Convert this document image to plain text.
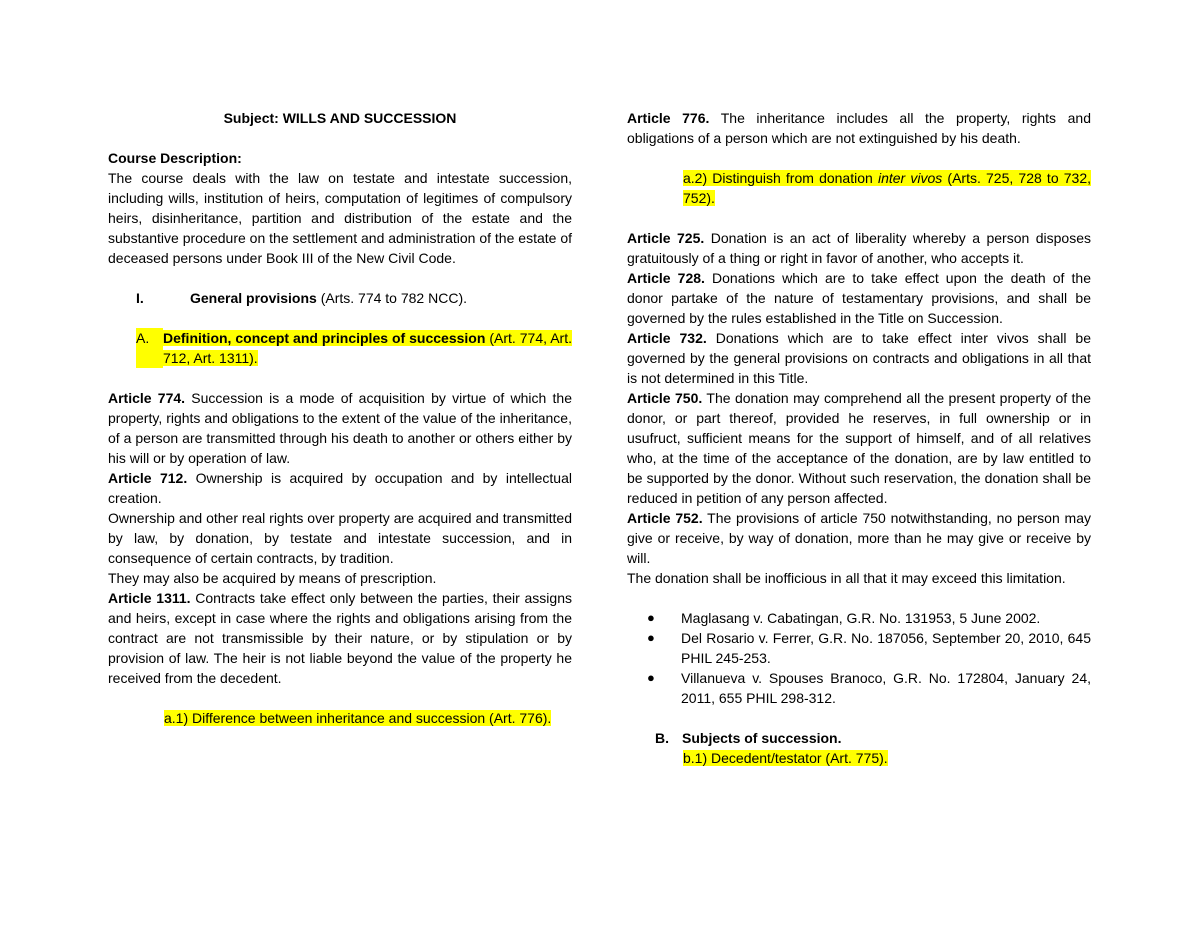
Subject: WILLS AND SUCCESSION

Course Description:

The course deals with the law on testate and intestate succession, including wills, institution of heirs, computation of legitimes of compulsory heirs, disinheritance, partition and distribution of the estate and the substantive procedure on the settlement and administration of the estate of deceased persons under Book III of the New Civil Code.

I.	General provisions (Arts. 774 to 782 NCC).
A. Definition, concept and principles of succession (Art. 774, Art. 712, Art. 1311).

Article 774. Succession is a mode of acquisition by virtue of which the property, rights and obligations to the extent of the value of the inheritance, of a person are transmitted through his death to another or others either by his will or by operation of law.

Article 712. Ownership is acquired by occupation and by intellectual creation.

Ownership and other real rights over property are acquired and transmitted by law, by donation, by testate and intestate succession, and in consequence of certain contracts, by tradition.

They may also be acquired by means of prescription.

Article 1311. Contracts take effect only between the parties, their assigns and heirs, except in case where the rights and obligations arising from the contract are not transmissible by their nature, or by stipulation or by provision of law. The heir is not liable beyond the value of the property he received from the decedent.

a.1) Difference between inheritance and succession (Art. 776).

Article 776. The inheritance includes all the property, rights and obligations of a person which are not extinguished by his death.

a.2) Distinguish from donation inter vivos (Arts. 725, 728 to 732, 752).

Article 725. Donation is an act of liberality whereby a person disposes gratuitously of a thing or right in favor of another, who accepts it.

Article 728. Donations which are to take effect upon the death of the donor partake of the nature of testamentary provisions, and shall be governed by the rules established in the Title on Succession.

Article 732. Donations which are to take effect inter vivos shall be governed by the general provisions on contracts and obligations in all that is not determined in this Title.

Article 750. The donation may comprehend all the present property of the donor, or part thereof, provided he reserves, in full ownership or in usufruct, sufficient means for the support of himself, and of all relatives who, at the time of the acceptance of the donation, are by law entitled to be supported by the donor. Without such reservation, the donation shall be reduced in petition of any person affected.

Article 752. The provisions of article 750 notwithstanding, no person may give or receive, by way of donation, more than he may give or receive by will.

The donation shall be inofficious in all that it may exceed this limitation.

●	Maglasang v. Cabatingan, G.R. No. 131953, 5 June 2002.
●	Del Rosario v. Ferrer, G.R. No. 187056, September 20, 2010, 645 PHIL 245-253.
●	Villanueva v. Spouses Branoco, G.R. No. 172804, January 24, 2011, 655 PHIL 298-312.
B. Subjects of succession.

b.1) Decedent/testator (Art. 775).
